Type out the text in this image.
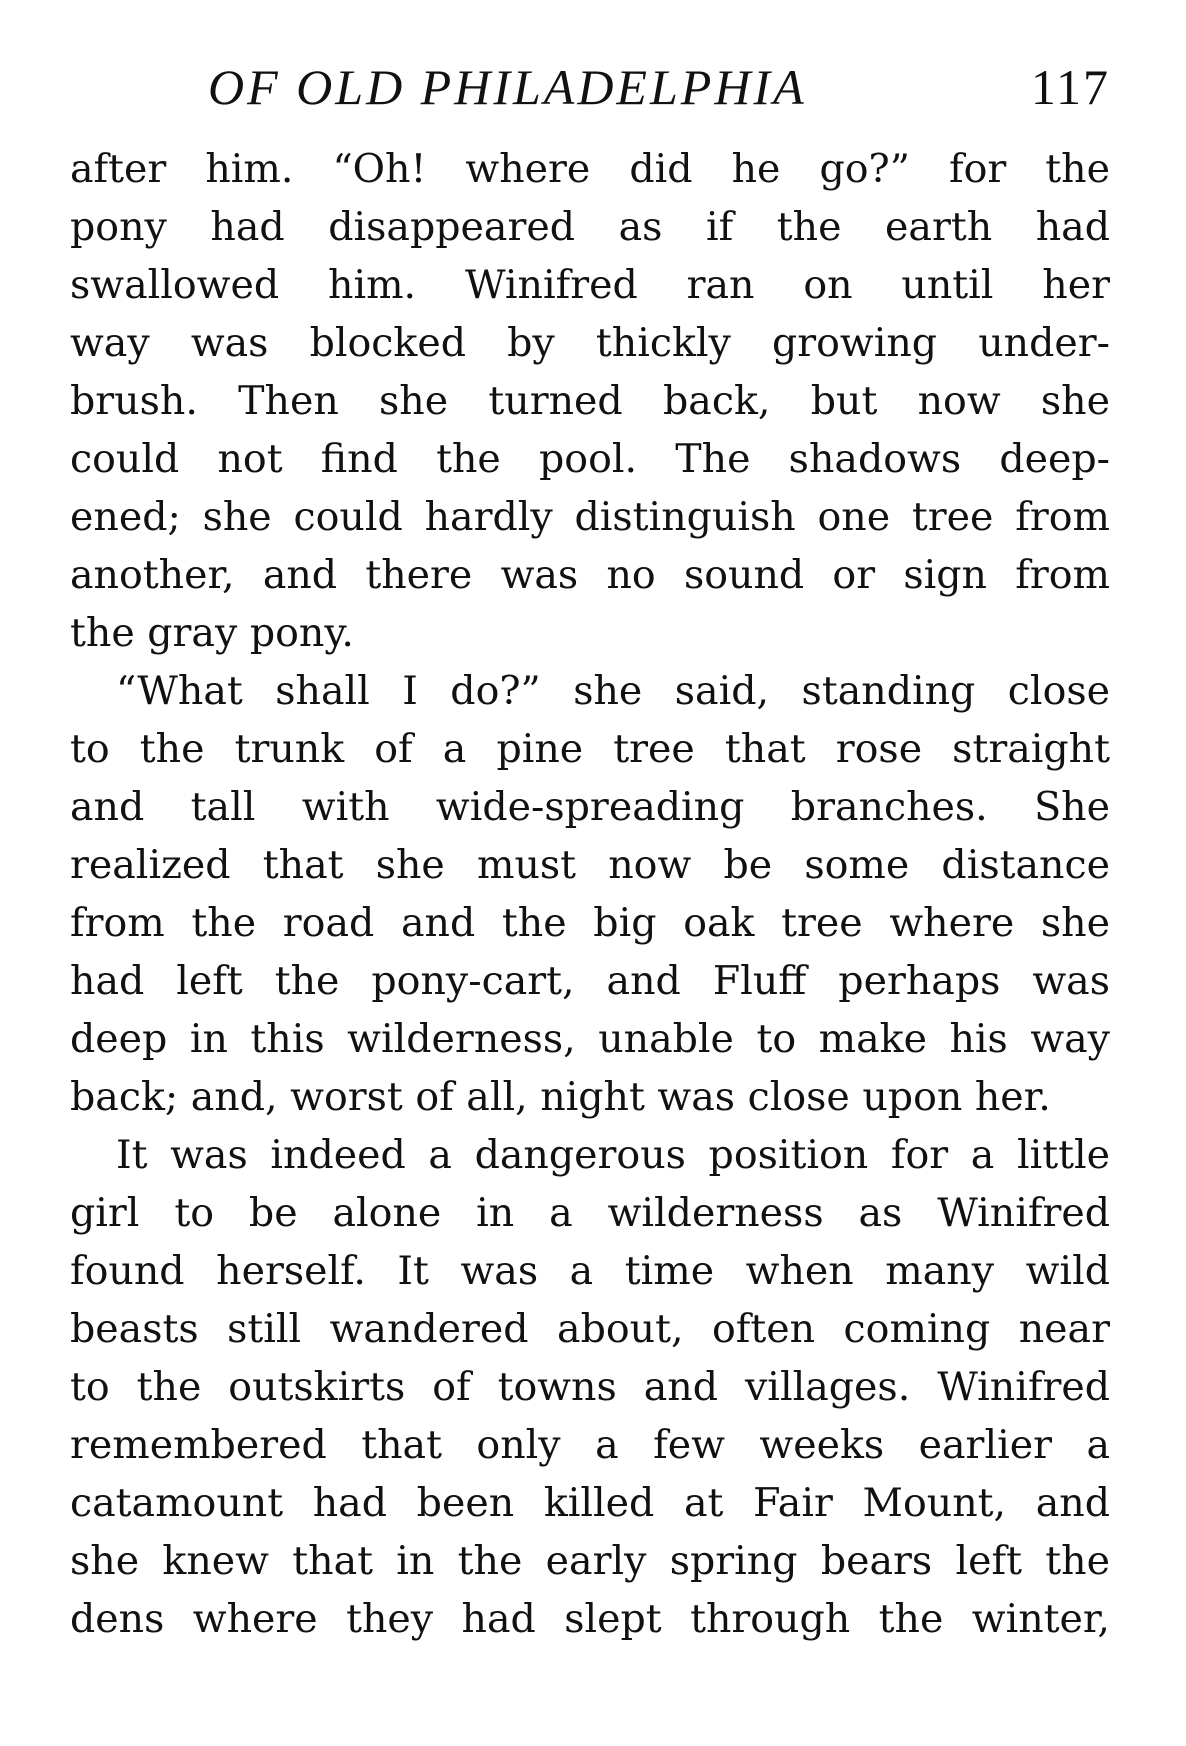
OF OLD PHILADELPHIA	117
after him. “Oh! where did he go?” for the
pony had disappeared as if the earth had
swallowed him. Winifred ran on until her
way was blocked by thickly growing under-
brush. Then she turned back, but now she
could not find the pool. The shadows deep-
ened; she could hardly distinguish one tree from
another, and there was no sound or sign from
the gray pony.
“What shall I do?” she said, standing close
to the trunk of a pine tree that rose straight
and tall with wide-spreading branches. She
realized that she must now be some distance
from the road and the big oak tree where she
had left the pony-cart, and Fluff perhaps was
deep in this wilderness, unable to make his way
back; and, worst of all, night was close upon her.
It was indeed a dangerous position for a little
girl to be alone in a wilderness as Winifred
found herself. It was a time when many wild
beasts still wandered about, often coming near
to the outskirts of towns and villages. Winifred
remembered that only a few weeks earlier a
catamount had been killed at Fair Mount, and
she knew that in the early spring bears left the
dens where they had slept through the winter,
